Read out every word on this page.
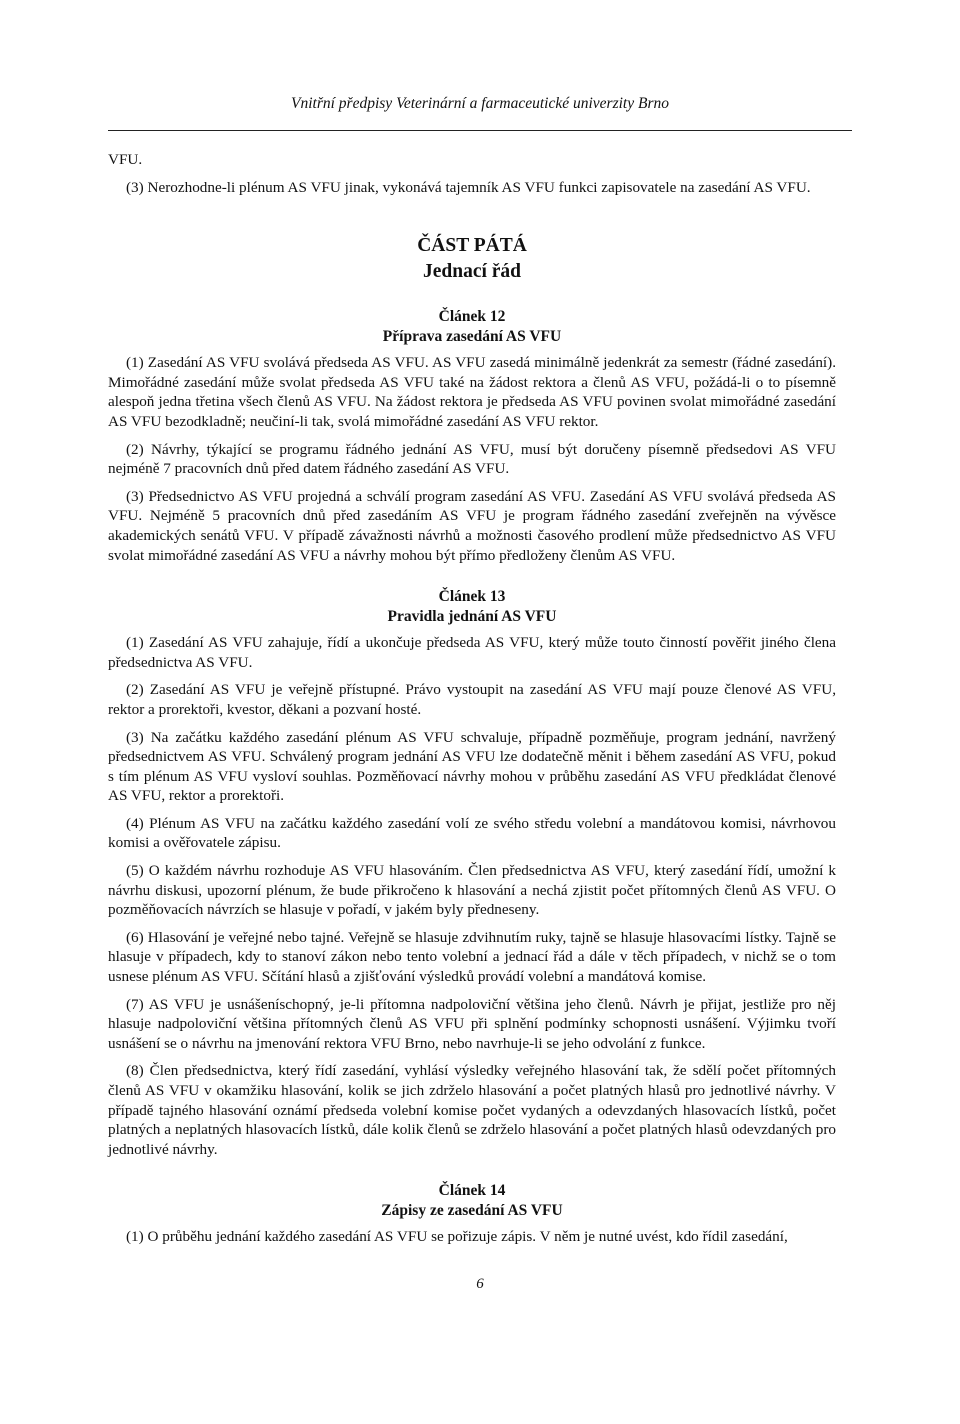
Vnitřní předpisy Veterinární a farmaceutické univerzity Brno

VFU.

(3) Nerozhodne-li plénum AS VFU jinak, vykonává tajemník AS VFU funkci zapisovatele na zasedání AS VFU.

ČÁST PÁTÁ
Jednací řád
Článek 12
Příprava zasedání AS VFU

(1) Zasedání AS VFU svolává předseda AS VFU. AS VFU zasedá minimálně jedenkrát za semestr (řádné zasedání). Mimořádné zasedání může svolat předseda AS VFU také na žádost rektora a členů AS VFU, požádá-li o to písemně alespoň jedna třetina všech členů AS VFU. Na žádost rektora je předseda AS VFU povinen svolat mimořádné zasedání AS VFU bezodkladně; neučiní-li tak, svolá mimořádné zasedání AS VFU rektor.

(2) Návrhy, týkající se programu řádného jednání AS VFU, musí být doručeny písemně předsedovi AS VFU nejméně 7 pracovních dnů před datem řádného zasedání AS VFU.

(3) Předsednictvo AS VFU projedná a schválí program zasedání AS VFU. Zasedání AS VFU svolává předseda AS VFU. Nejméně 5 pracovních dnů před zasedáním AS VFU je program řádného zasedání zveřejněn na vývěsce akademických senátů VFU. V případě závažnosti návrhů a možnosti časového prodlení může předsednictvo AS VFU svolat mimořádné zasedání AS VFU a návrhy mohou být přímo předloženy členům AS VFU.

Článek 13
Pravidla jednání AS VFU

(1) Zasedání AS VFU zahajuje, řídí a ukončuje předseda AS VFU, který může touto činností pověřit jiného člena předsednictva AS VFU.

(2) Zasedání AS VFU je veřejně přístupné. Právo vystoupit na zasedání AS VFU mají pouze členové AS VFU, rektor a prorektoři, kvestor, děkani a pozvaní hosté.

(3) Na začátku každého zasedání plénum AS VFU schvaluje, případně pozměňuje, program jednání, navržený předsednictvem AS VFU. Schválený program jednání AS VFU lze dodatečně měnit i během zasedání AS VFU, pokud s tím plénum AS VFU vysloví souhlas. Pozměňovací návrhy mohou v průběhu zasedání AS VFU předkládat členové AS VFU, rektor a prorektoři.

(4) Plénum AS VFU na začátku každého zasedání volí ze svého středu volební a mandátovou komisi, návrhovou komisi a ověřovatele zápisu.

(5) O každém návrhu rozhoduje AS VFU hlasováním. Člen předsednictva AS VFU, který zasedání řídí, umožní k návrhu diskusi, upozorní plénum, že bude přikročeno k hlasování a nechá zjistit počet přítomných členů AS VFU. O pozměňovacích návrzích se hlasuje v pořadí, v jakém byly předneseny.

(6) Hlasování je veřejné nebo tajné. Veřejně se hlasuje zdvihnutím ruky, tajně se hlasuje hlasovacími lístky. Tajně se hlasuje v případech, kdy to stanoví zákon nebo tento volební a jednací řád a dále v těch případech, v nichž se o tom usnese plénum AS VFU. Sčítání hlasů a zjišťování výsledků provádí volební a mandátová komise.

(7) AS VFU je usnášeníschopný, je-li přítomna nadpoloviční většina jeho členů. Návrh je přijat, jestliže pro něj hlasuje nadpoloviční většina přítomných členů AS VFU při splnění podmínky schopnosti usnášení. Výjimku tvoří usnášení se o návrhu na jmenování rektora VFU Brno, nebo navrhuje-li se jeho odvolání z funkce.

(8) Člen předsednictva, který řídí zasedání, vyhlásí výsledky veřejného hlasování tak, že sdělí počet přítomných členů AS VFU v okamžiku hlasování, kolik se jich zdrželo hlasování a počet platných hlasů pro jednotlivé návrhy. V případě tajného hlasování oznámí předseda volební komise počet vydaných a odevzdaných hlasovacích lístků, počet platných a neplatných hlasovacích lístků, dále kolik členů se zdrželo hlasování a počet platných hlasů odevzdaných pro jednotlivé návrhy.

Článek 14
Zápisy ze zasedání AS VFU

(1) O průběhu jednání každého zasedání AS VFU se pořizuje zápis. V něm je nutné uvést, kdo řídil zasedání,

6
